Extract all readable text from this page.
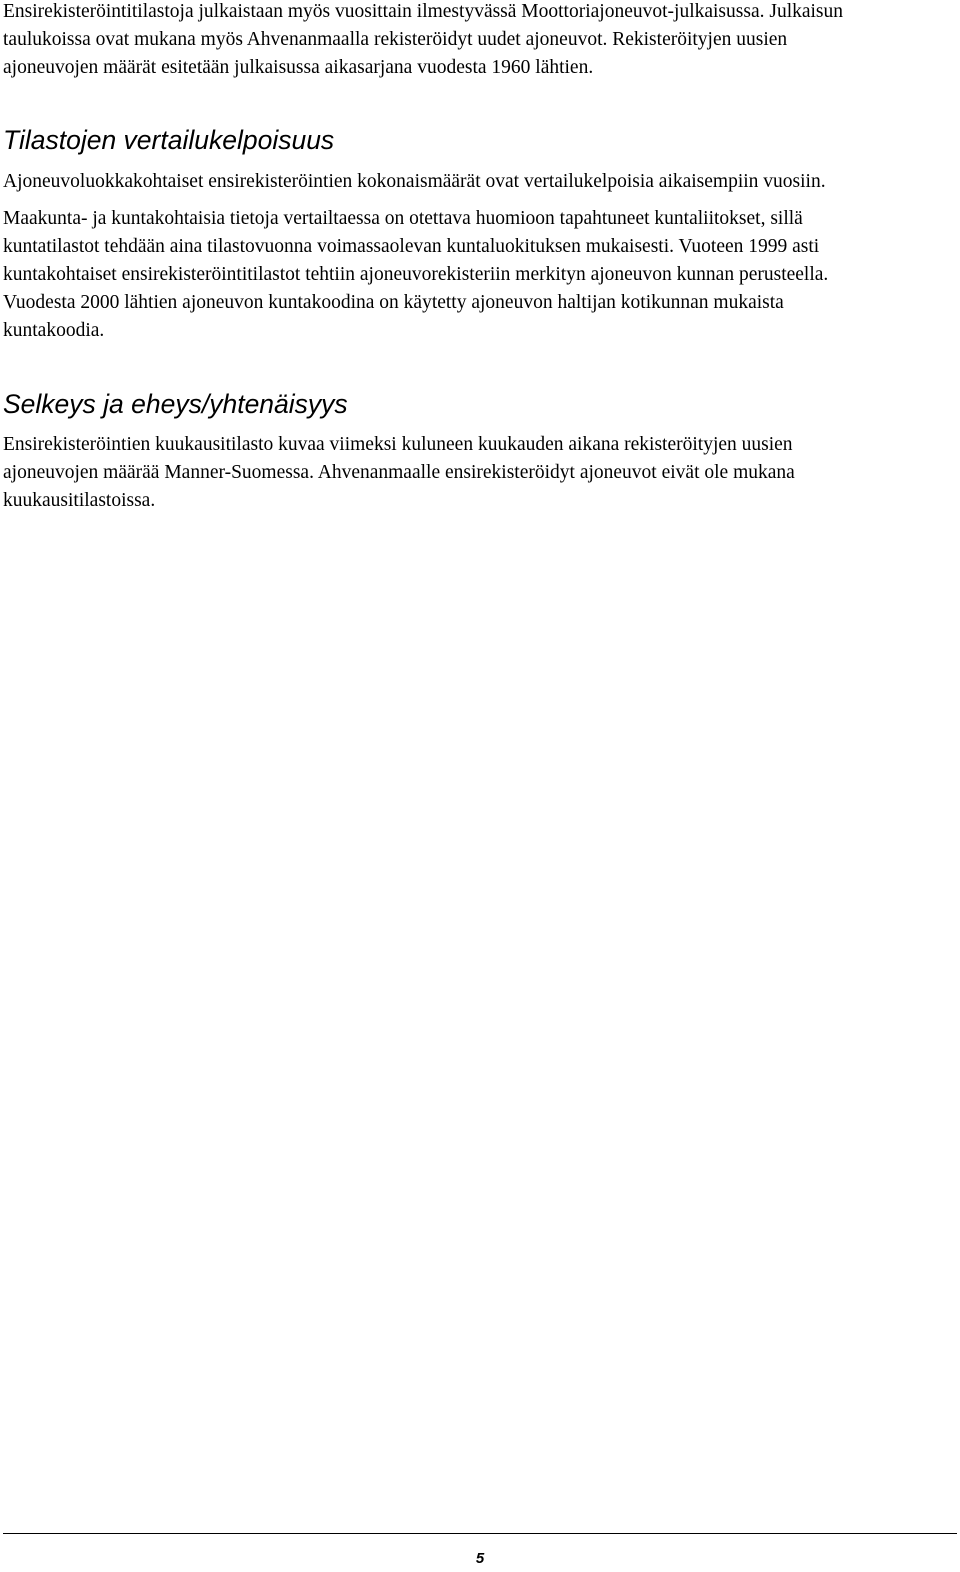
Ensirekisteröintitilastoja julkaistaan myös vuosittain ilmestyvässä Moottoriajoneuvot-julkaisussa. Julkaisun
taulukoissa ovat mukana myös Ahvenanmaalla rekisteröidyt uudet ajoneuvot. Rekisteröityjen uusien
ajoneuvojen määrät esitetään julkaisussa aikasarjana vuodesta 1960 lähtien.

Tilastojen vertailukelpoisuus

Ajoneuvoluokkakohtaiset ensirekisteröintien kokonaismäärät ovat vertailukelpoisia aikaisempiin vuosiin.

Maakunta- ja kuntakohtaisia tietoja vertailtaessa on otettava huomioon tapahtuneet kuntaliitokset, sillä
kuntatilastot tehdään aina tilastovuonna voimassaolevan kuntaluokituksen mukaisesti. Vuoteen 1999 asti
kuntakohtaiset ensirekisteröintitilastot tehtiin ajoneuvorekisteriin merkityn ajoneuvon kunnan perusteella.
Vuodesta 2000 lähtien ajoneuvon kuntakoodina on käytetty ajoneuvon haltijan kotikunnan mukaista
kuntakoodia.

Selkeys ja eheys/yhtenäisyys

Ensirekisteröintien kuukausitilasto kuvaa viimeksi kuluneen kuukauden aikana rekisteröityjen uusien
ajoneuvojen määrää Manner-Suomessa. Ahvenanmaalle ensirekisteröidyt ajoneuvot eivät ole mukana
kuukausitilastoissa.

5
